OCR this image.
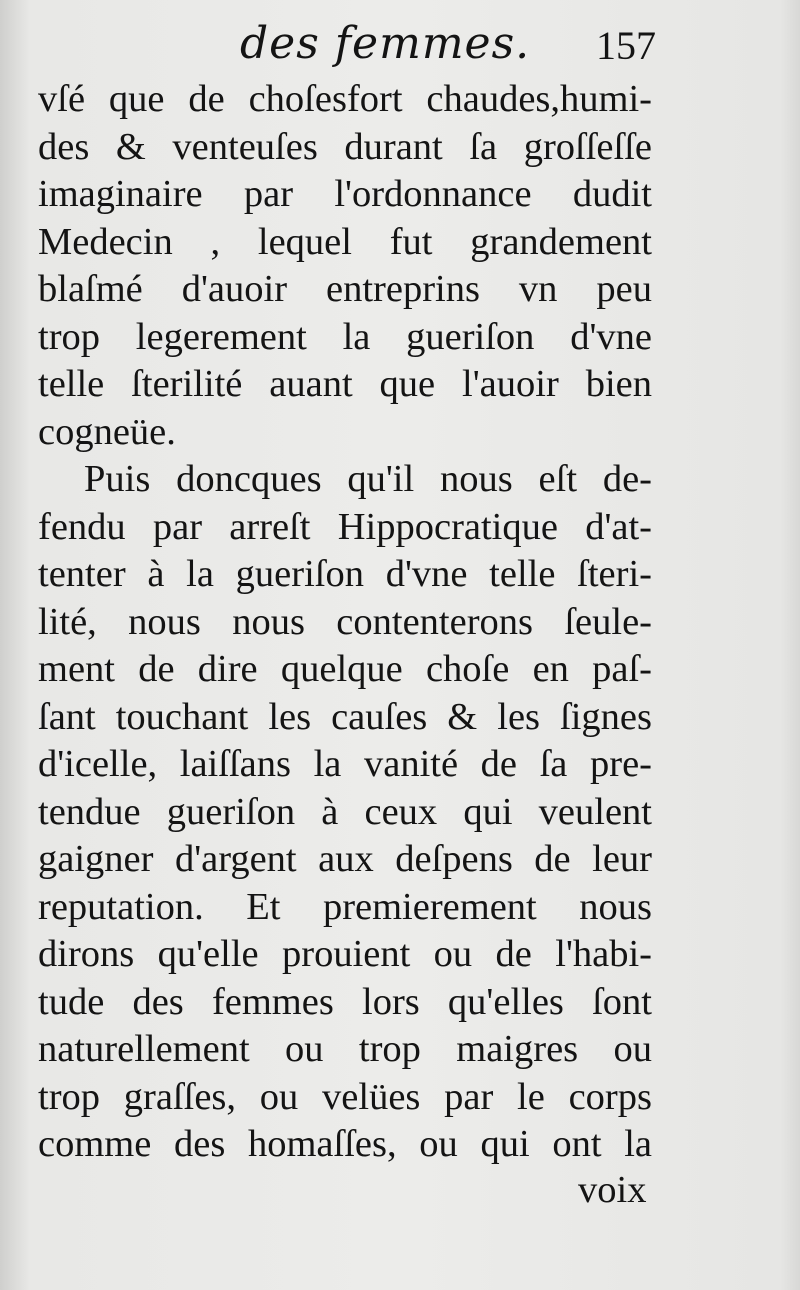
des femmes. 157
vſé que de choſesfort chaudes,humi-
des & venteuſes durant ſa groſſeſſe
imaginaire par l'ordonnance dudit
Medecin , lequel fut grandement
blaſmé d'auoir entreprins vn peu
trop legerement la gueriſon d'vne
telle ſterilité auant que l'auoir bien
cogneüe.
Puis doncques qu'il nous eſt de-
fendu par arreſt Hippocratique d'at-
tenter à la gueriſon d'vne telle ſteri-
lité, nous nous contenterons ſeule-
ment de dire quelque choſe en paſ-
ſant touchant les cauſes & les ſignes
d'icelle, laiſſans la vanité de ſa pre-
tendue gueriſon à ceux qui veulent
gaigner d'argent aux deſpens de leur
reputation. Et premierement nous
dirons qu'elle prouient ou de l'habi-
tude des femmes lors qu'elles ſont
naturellement ou trop maigres ou
trop graſſes, ou velües par le corps
comme des homaſſes, ou qui ont la
voix
